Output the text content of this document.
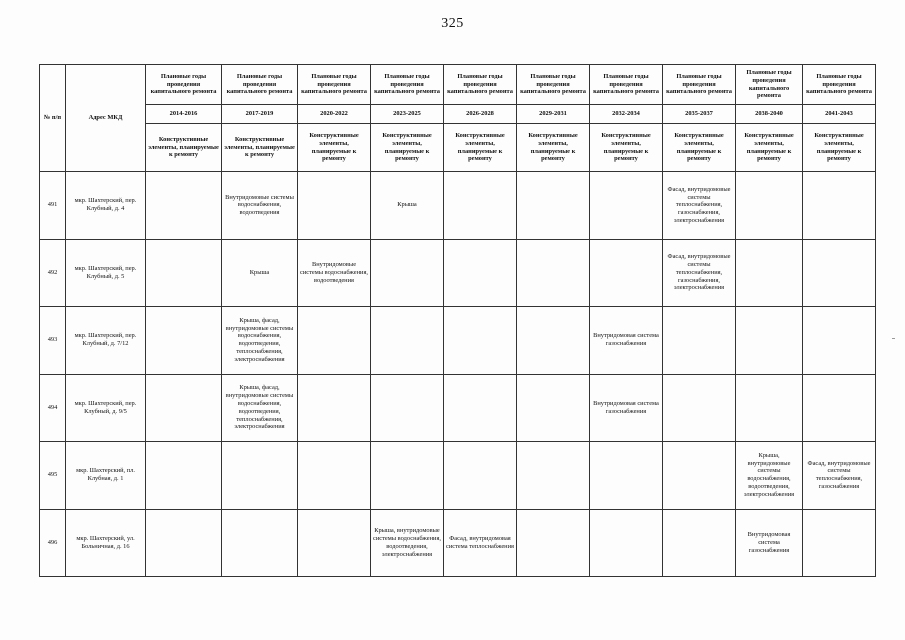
325
№ п/п	Адрес МКД	Плановые годы проведения капитального ремонта	Плановые годы проведения капитального ремонта	Плановые годы проведения капитального ремонта	Плановые годы проведения капитального ремонта	Плановые годы проведения капитального ремонта	Плановые годы проведения капитального ремонта	Плановые годы проведения капитального ремонта	Плановые годы проведения капитального ремонта	Плановые годы проведения капитального ремонта	Плановые годы проведения капитального ремонта
		2014-2016	2017-2019	2020-2022	2023-2025	2026-2028	2029-2031	2032-2034	2035-2037	2038-2040	2041-2043
		Конструктивные элементы, планируемые к ремонту	Конструктивные элементы, планируемые к ремонту	Конструктивные элементы, планируемые к ремонту	Конструктивные элементы, планируемые к ремонту	Конструктивные элементы, планируемые к ремонту	Конструктивные элементы, планируемые к ремонту	Конструктивные элементы, планируемые к ремонту	Конструктивные элементы, планируемые к ремонту	Конструктивные элементы, планируемые к ремонту	Конструктивные элементы, планируемые к ремонту
491	мкр. Шахтерский, пер. Клубный, д. 4		Внутридомовые системы водоснабжения, водоотведения		Крыша				Фасад, внутридомовые системы теплоснабжения, газоснабжения, электроснабжения		
492	мкр. Шахтерский, пер. Клубный, д. 5		Крыша	Внутридомовые системы водоснабжения, водоотведения					Фасад, внутридомовые системы теплоснабжения, газоснабжения, электроснабжения		
493	мкр. Шахтерский, пер. Клубный, д. 7/12		Крыша, фасад, внутридомовые системы водоснабжения, водоотведения, теплоснабжения, электроснабжения					Внутридомовая система газоснабжения			
494	мкр. Шахтерский, пер. Клубный, д. 9/5		Крыша, фасад, внутридомовые системы водоснабжения, водоотведения, теплоснабжения, электроснабжения					Внутридомовая система газоснабжения			
495	мкр. Шахтерский, пл. Клубная, д. 1									Крыша, внутридомовые системы водоснабжения, водоотведения, электроснабжения	Фасад, внутридомовые системы теплоснабжения, газоснабжения
496	мкр. Шахтерский, ул. Больничная, д. 16				Крыша, внутридомовые системы водоснабжения, водоотведения, электроснабжения	Фасад, внутридомовая система теплоснабжения				Внутридомовая система газоснабжения	
